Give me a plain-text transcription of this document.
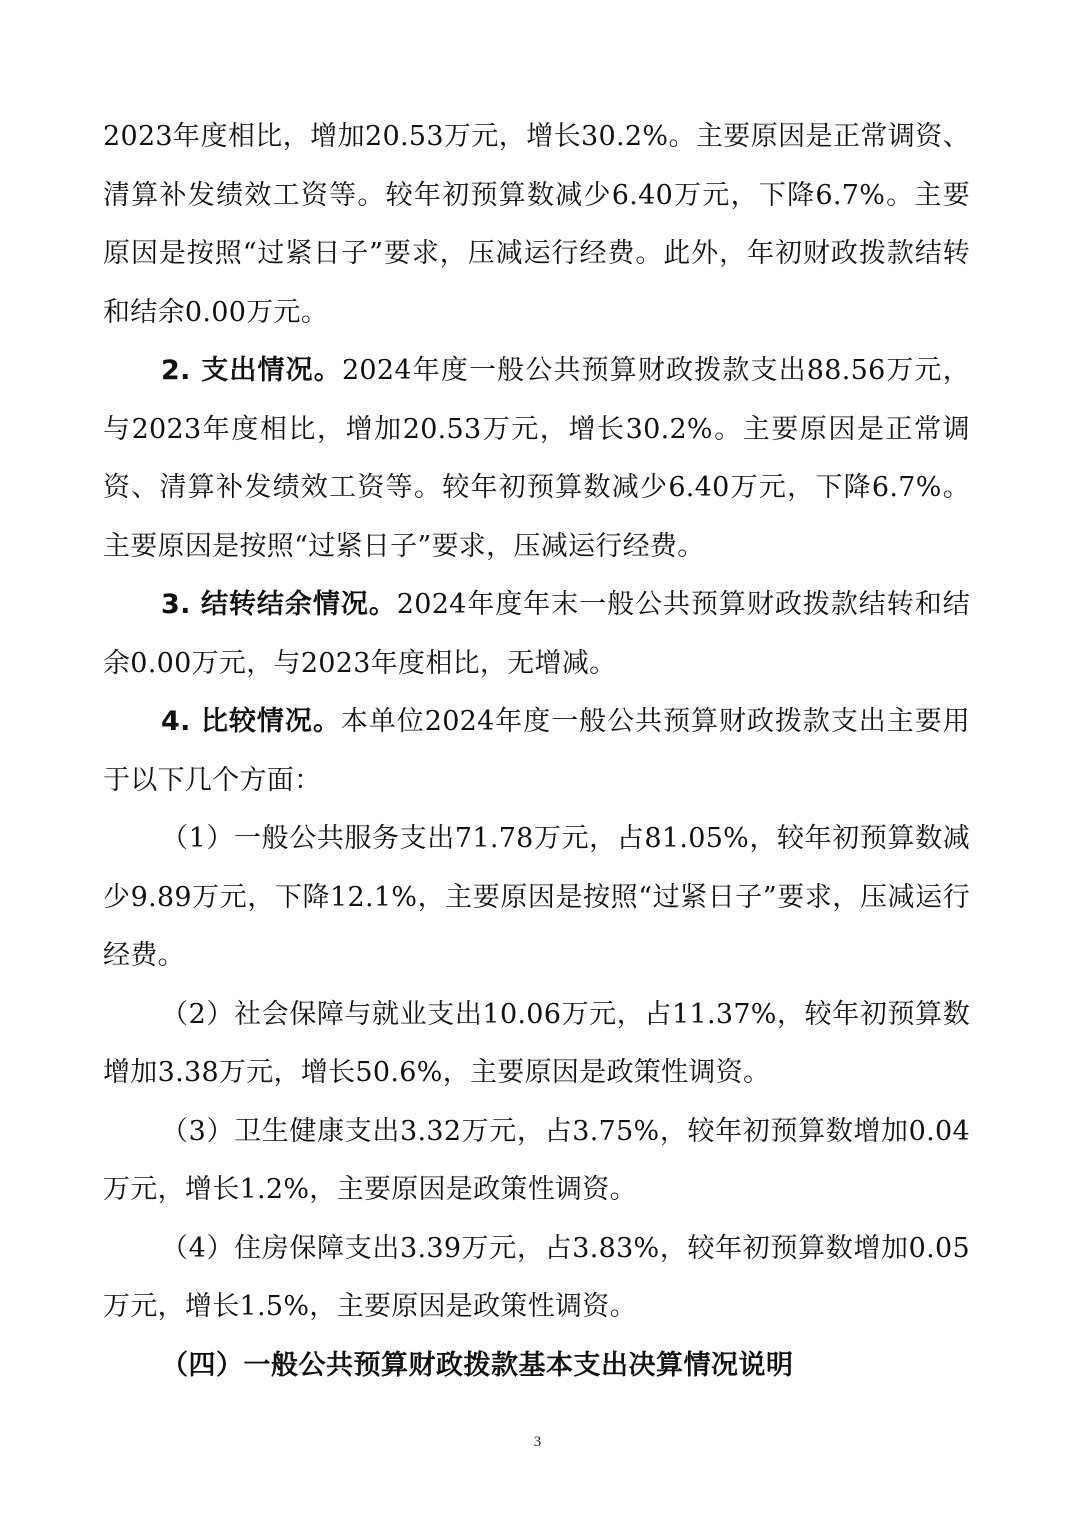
2023年度相比，增加20.53万元，增长30.2%。主要原因是正常调资、清算补发绩效工资等。较年初预算数减少6.40万元，下降6.7%。主要原因是按照“过紧日子”要求，压减运行经费。此外，年初财政拨款结转和结余0.00万元。

2. 支出情况。2024年度一般公共预算财政拨款支出88.56万元，与2023年度相比，增加20.53万元，增长30.2%。主要原因是正常调资、清算补发绩效工资等。较年初预算数减少6.40万元，下降6.7%。主要原因是按照“过紧日子”要求，压减运行经费。

3. 结转结余情况。2024年度年末一般公共预算财政拨款结转和结余0.00万元，与2023年度相比，无增减。

4. 比较情况。本单位2024年度一般公共预算财政拨款支出主要用于以下几个方面：

（1）一般公共服务支出71.78万元，占81.05%，较年初预算数减少9.89万元，下降12.1%，主要原因是按照“过紧日子”要求，压减运行经费。

（2）社会保障与就业支出10.06万元，占11.37%，较年初预算数增加3.38万元，增长50.6%，主要原因是政策性调资。

（3）卫生健康支出3.32万元，占3.75%，较年初预算数增加0.04万元，增长1.2%，主要原因是政策性调资。

（4）住房保障支出3.39万元，占3.83%，较年初预算数增加0.05万元，增长1.5%，主要原因是政策性调资。

（四）一般公共预算财政拨款基本支出决算情况说明

3
